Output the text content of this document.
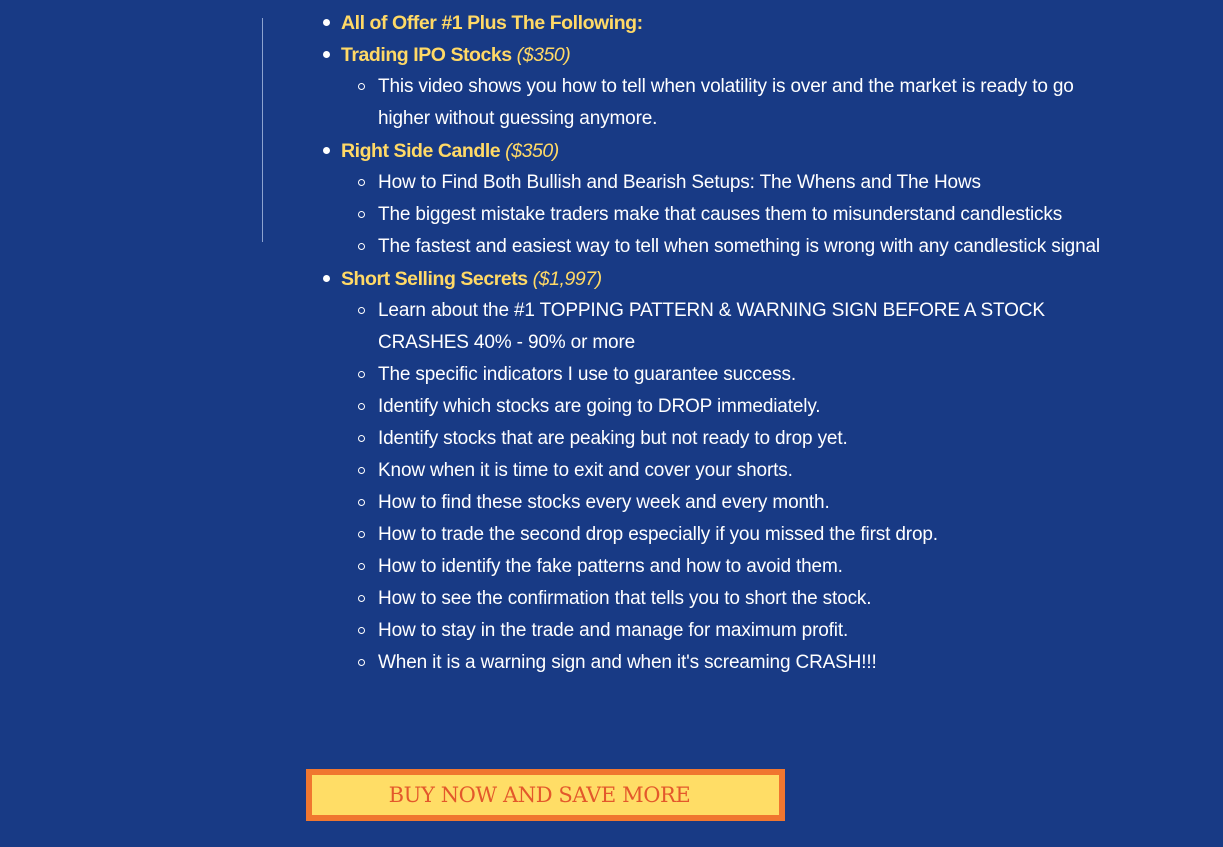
All of Offer #1 Plus The Following:
Trading IPO Stocks ($350)
This video shows you how to tell when volatility is over and the market is ready to go higher without guessing anymore.
Right Side Candle ($350)
How to Find Both Bullish and Bearish Setups: The Whens and The Hows
The biggest mistake traders make that causes them to misunderstand candlesticks
The fastest and easiest way to tell when something is wrong with any candlestick signal
Short Selling Secrets ($1,997)
Learn about the #1 TOPPING PATTERN & WARNING SIGN BEFORE A STOCK CRASHES 40% - 90% or more
The specific indicators I use to guarantee success.
Identify which stocks are going to DROP immediately.
Identify stocks that are peaking but not ready to drop yet.
Know when it is time to exit and cover your shorts.
How to find these stocks every week and every month.
How to trade the second drop especially if you missed the first drop.
How to identify the fake patterns and how to avoid them.
How to see the confirmation that tells you to short the stock.
How to stay in the trade and manage for maximum profit.
When it is a warning sign and when it's screaming CRASH!!!
BUY NOW AND SAVE MORE
